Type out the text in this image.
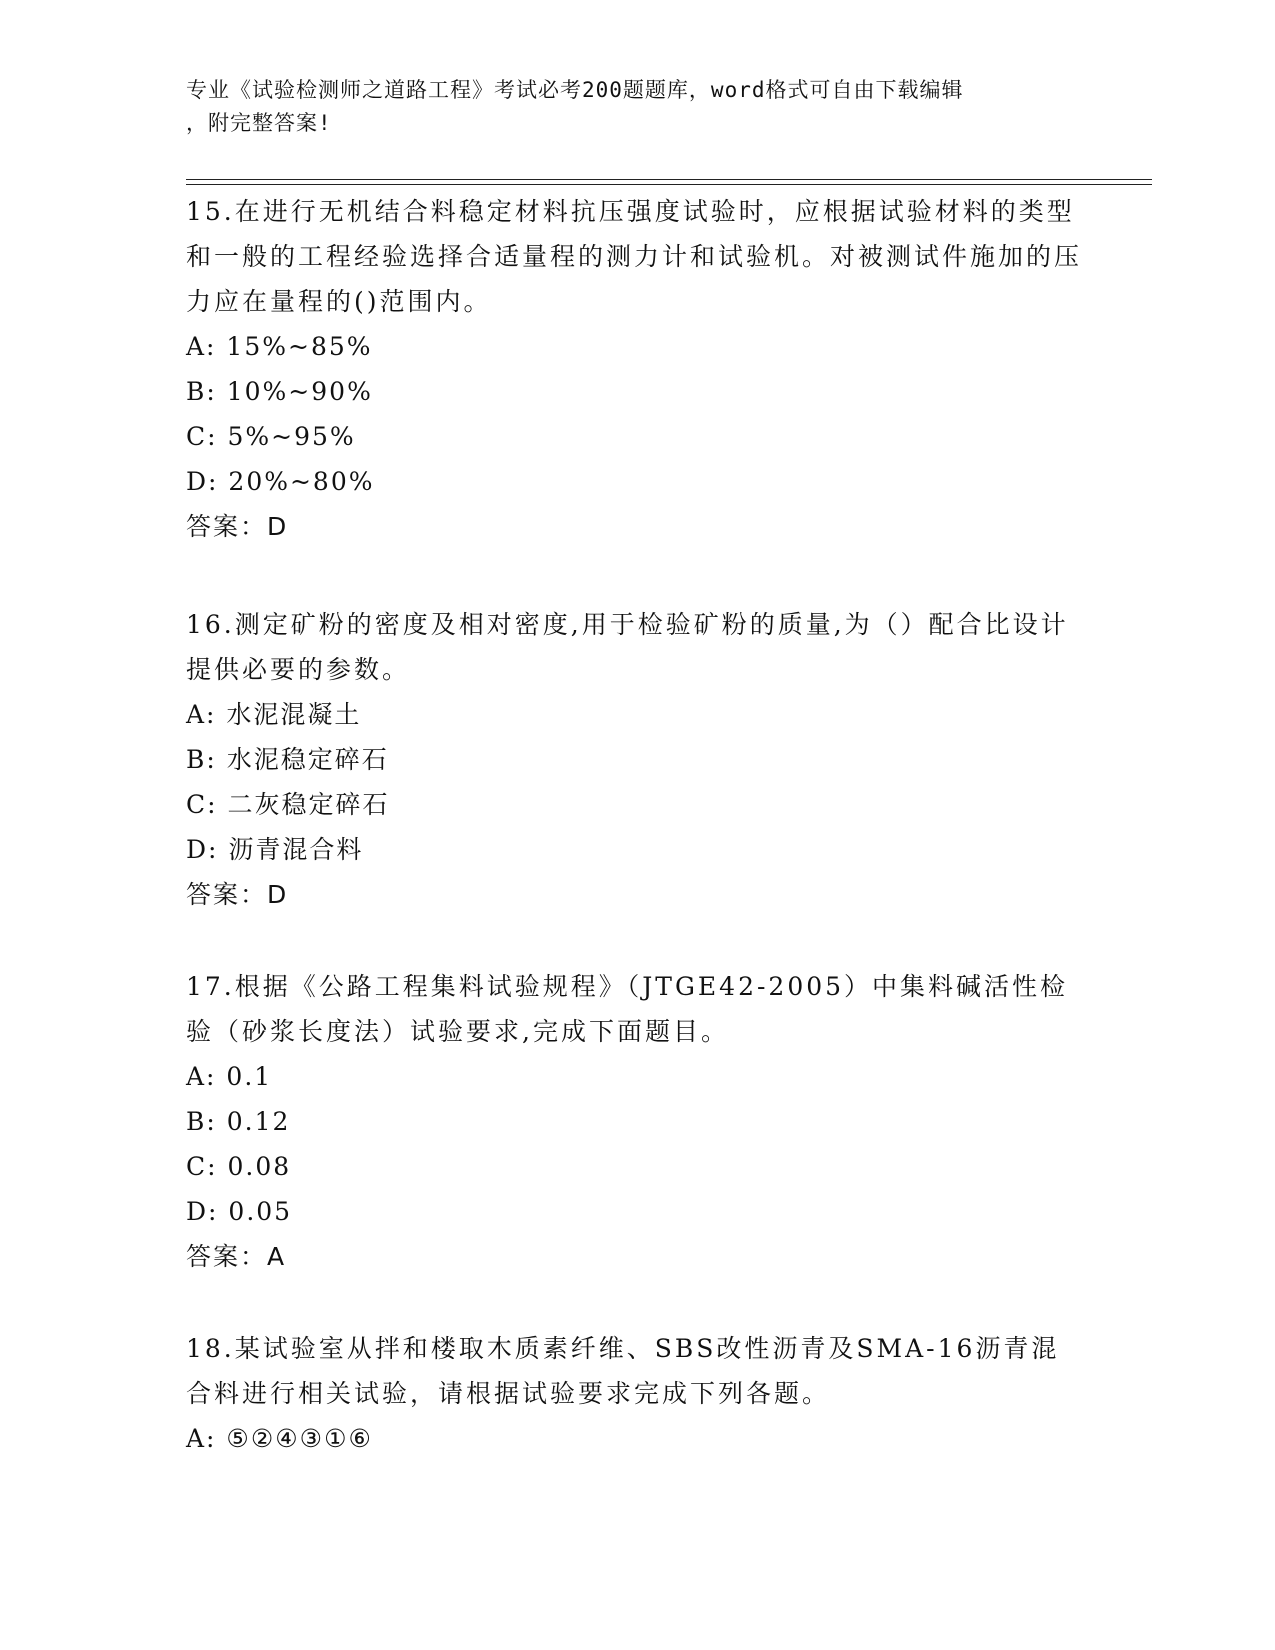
专业《试验检测师之道路工程》考试必考200题题库，word格式可自由下载编辑
，附完整答案!

15.在进行无机结合料稳定材料抗压强度试验时，应根据试验材料的类型和一般的工程经验选择合适量程的测力计和试验机。对被测试件施加的压力应在量程的()范围内。

A: 15%~85%

B: 10%~90%

C: 5%~95%

D: 20%~80%

答案：D

16.测定矿粉的密度及相对密度,用于检验矿粉的质量,为（）配合比设计提供必要的参数。

A: 水泥混凝土

B: 水泥稳定碎石

C: 二灰稳定碎石

D: 沥青混合料

答案：D

17.根据《公路工程集料试验规程》（JTGE42-2005）中集料碱活性检验（砂浆长度法）试验要求,完成下面题目。

A: 0.1

B: 0.12

C: 0.08

D: 0.05

答案：A

18.某试验室从拌和楼取木质素纤维、SBS改性沥青及SMA-16沥青混合料进行相关试验，请根据试验要求完成下列各题。

A: ⑤②④③①⑥
